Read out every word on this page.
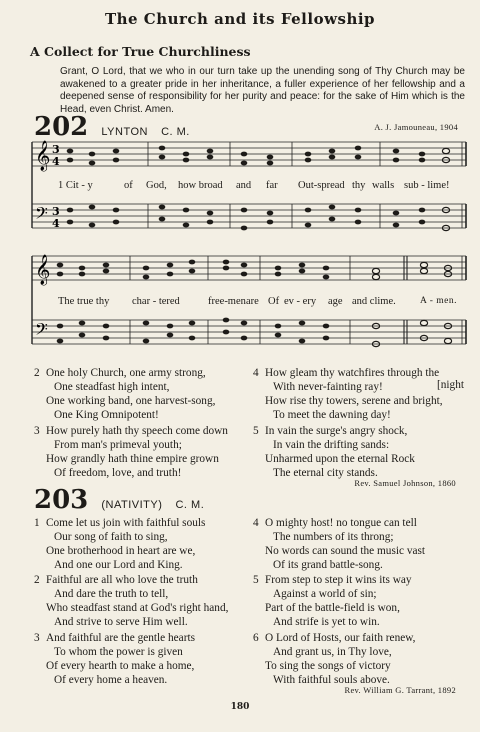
The Church and its Fellowship
A Collect for True Churchliness
Grant, O Lord, that we who in our turn take up the unending song of Thy Church may be awakened to a greater pride in her inheritance, a fuller experience of her fellowship and a deepened sense of responsibility for her purity and peace: for the sake of Him which is the Head, even Christ. Amen.
202 LYNTON C. M.	A. J. Jamouneau, 1904
𝄞
𝄢
3
4
3
4
1 Cit - y	of God, how broad and far Out-spread thy walls sub - lime!
𝄞
𝄢
The true thy char - tered	free-men are Of ev - ery age and clime.	A - men.
2 One holy Church, one army strong,
One steadfast high intent,
One working band, one harvest-song,
One King Omnipotent!
3 How purely hath thy speech come down
From man's primeval youth;
How grandly hath thine empire grown
Of freedom, love, and truth!
4 How gleam thy watchfires through the
With never-fainting ray!
How rise thy towers, serene and bright,
To meet the dawning day!
[night
5 In vain the surge's angry shock,
In vain the drifting sands:
Unharmed upon the eternal Rock
The eternal city stands.
Rev. Samuel Johnson, 1860
203 (NATIVITY) C. M.
1 Come let us join with faithful souls
Our song of faith to sing,
One brotherhood in heart are we,
And one our Lord and King.
2 Faithful are all who love the truth
And dare the truth to tell,
Who steadfast stand at God's right hand,
And strive to serve Him well.
3 And faithful are the gentle hearts
To whom the power is given
Of every hearth to make a home,
Of every home a heaven.
4 O mighty host! no tongue can tell
The numbers of its throng;
No words can sound the music vast
Of its grand battle-song.
5 From step to step it wins its way
Against a world of sin;
Part of the battle-field is won,
And strife is yet to win.
6 O Lord of Hosts, our faith renew,
And grant us, in Thy love,
To sing the songs of victory
With faithful souls above.
Rev. William G. Tarrant, 1892
180
